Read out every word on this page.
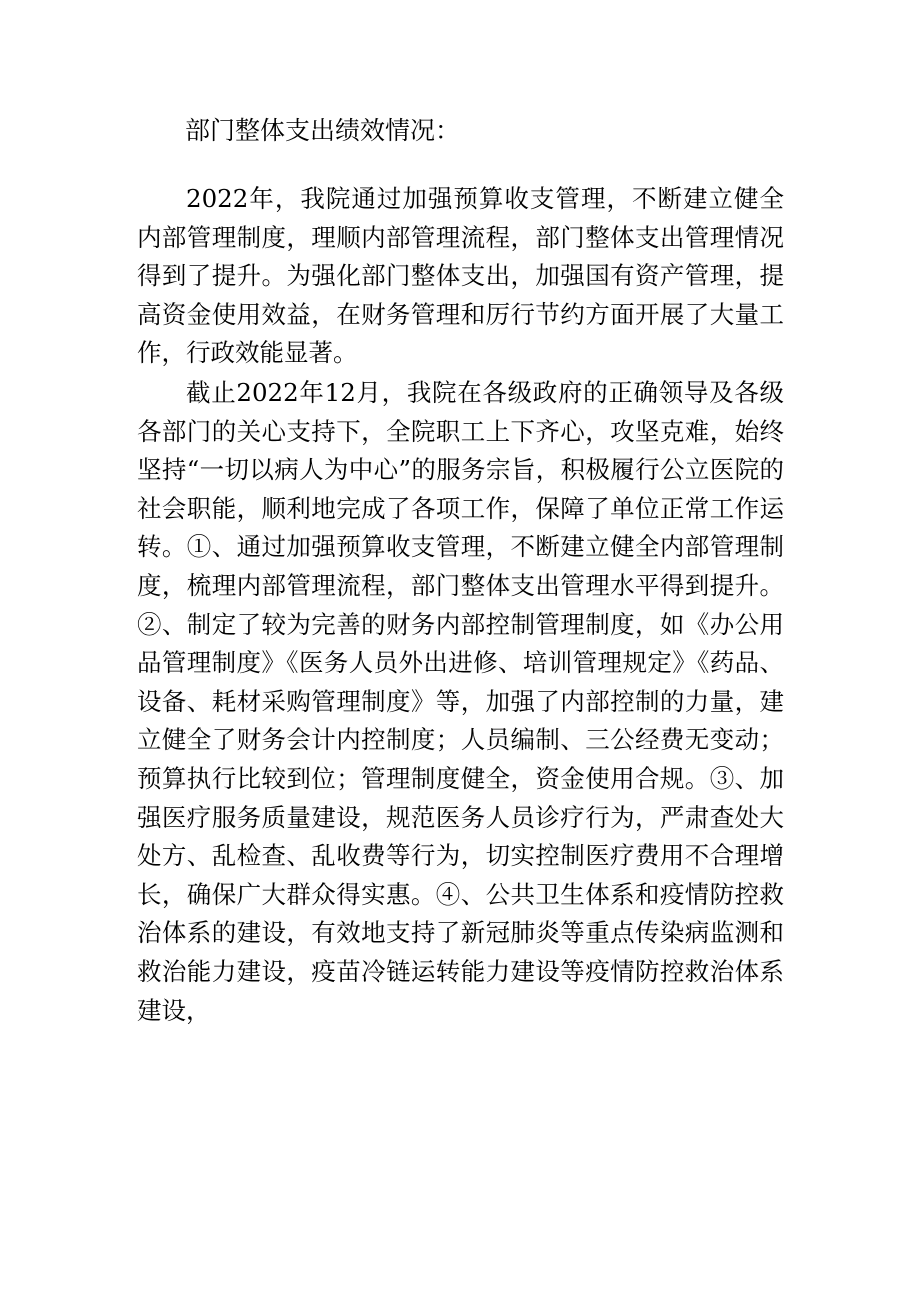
部门整体支出绩效情况：

2022年，我院通过加强预算收支管理，不断建立健全内部管理制度，理顺内部管理流程，部门整体支出管理情况得到了提升。为强化部门整体支出，加强国有资产管理，提高资金使用效益，在财务管理和厉行节约方面开展了大量工作，行政效能显著。

截止2022年12月，我院在各级政府的正确领导及各级各部门的关心支持下，全院职工上下齐心，攻坚克难，始终坚持“一切以病人为中心”的服务宗旨，积极履行公立医院的社会职能，顺利地完成了各项工作，保障了单位正常工作运转。①、通过加强预算收支管理，不断建立健全内部管理制度，梳理内部管理流程，部门整体支出管理水平得到提升。②、制定了较为完善的财务内部控制管理制度，如《办公用品管理制度》《医务人员外出进修、培训管理规定》《药品、设备、耗材采购管理制度》等，加强了内部控制的力量，建立健全了财务会计内控制度；人员编制、三公经费无变动；预算执行比较到位；管理制度健全，资金使用合规。③、加强医疗服务质量建设，规范医务人员诊疗行为，严肃查处大处方、乱检查、乱收费等行为，切实控制医疗费用不合理增长，确保广大群众得实惠。④、公共卫生体系和疫情防控救治体系的建设，有效地支持了新冠肺炎等重点传染病监测和救治能力建设，疫苗冷链运转能力建设等疫情防控救治体系建设，
